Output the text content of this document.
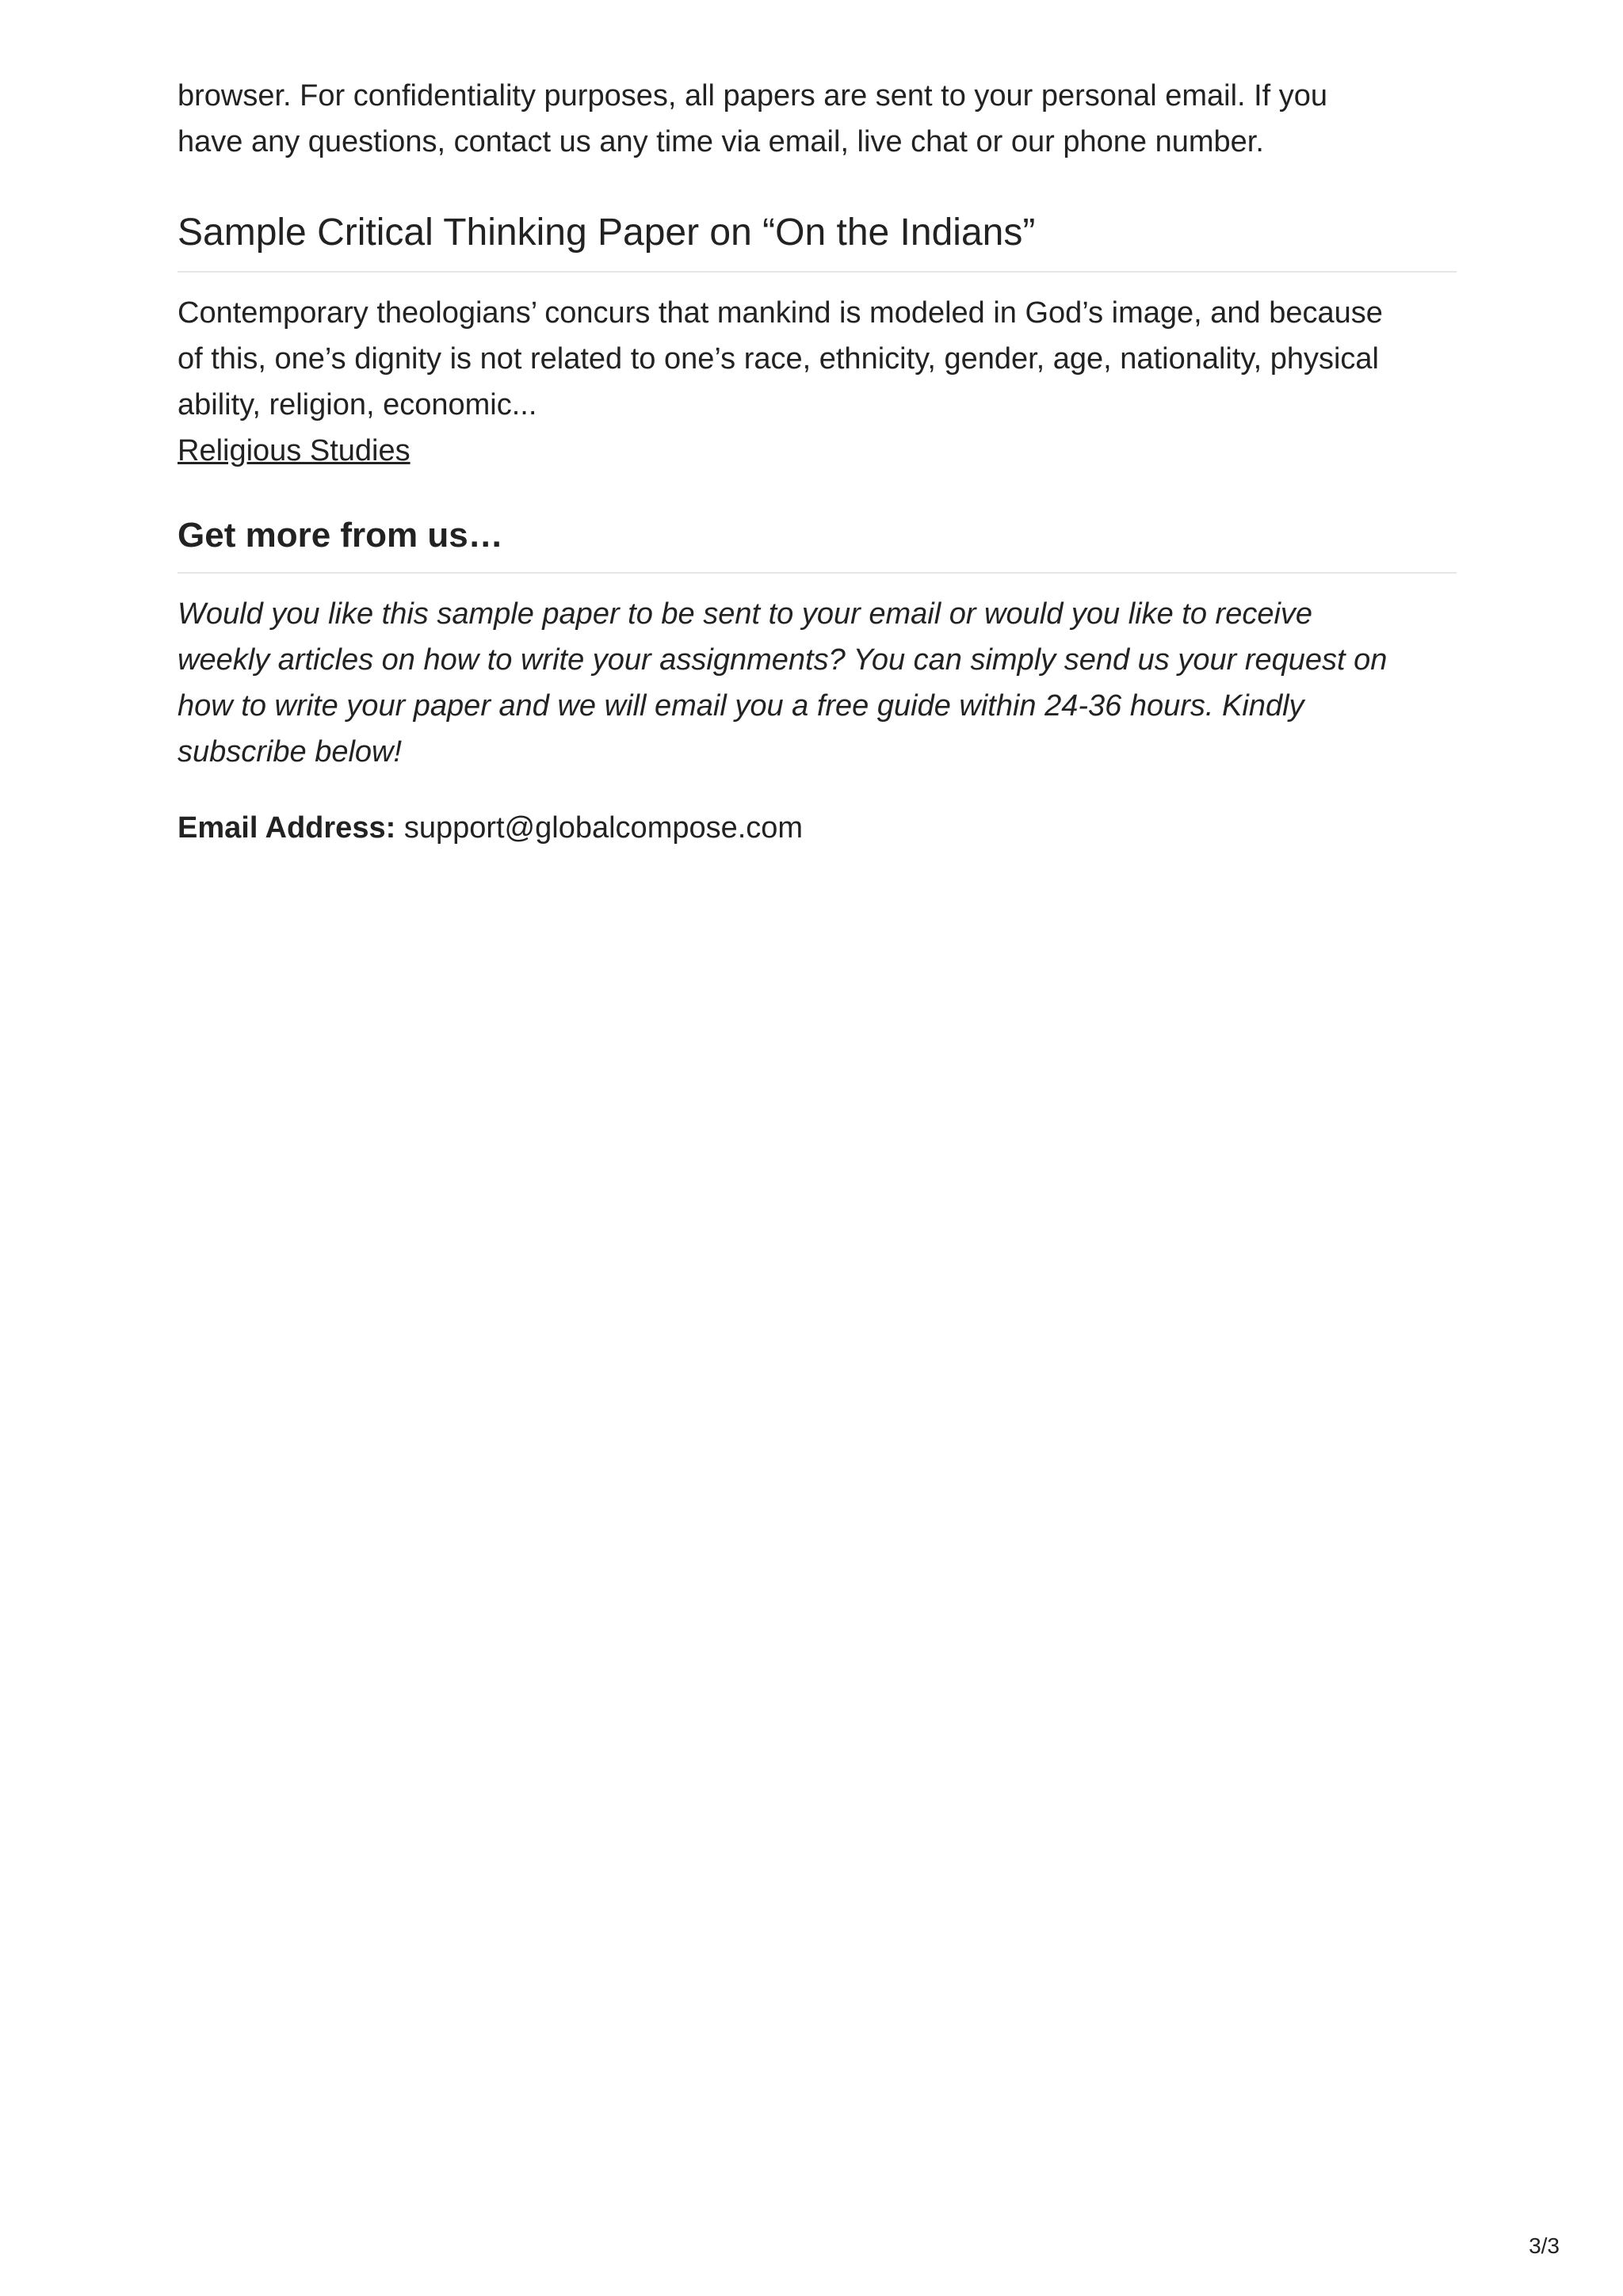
browser. For confidentiality purposes, all papers are sent to your personal email. If you
have any questions, contact us any time via email, live chat or our phone number.

Sample Critical Thinking Paper on “On the Indians”

Contemporary theologians’ concurs that mankind is modeled in God’s image, and because
of this, one’s dignity is not related to one’s race, ethnicity, gender, age, nationality, physical
ability, religion, economic...

Religious Studies
Get more from us…

Would you like this sample paper to be sent to your email or would you like to receive
weekly articles on how to write your assignments? You can simply send us your request on
how to write your paper and we will email you a free guide within 24-36 hours. Kindly
subscribe below!

Email Address: support@globalcompose.com
3/3
